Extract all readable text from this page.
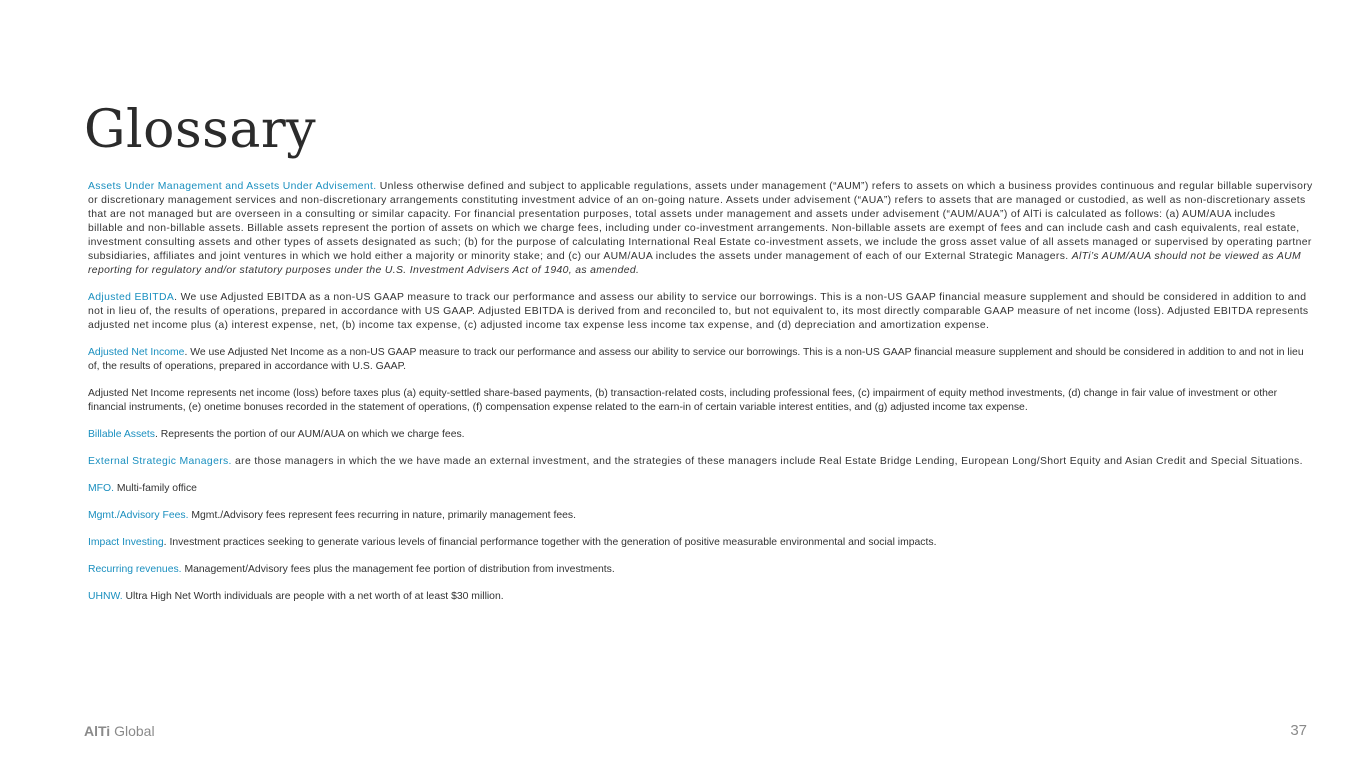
Glossary

Assets Under Management and Assets Under Advisement. Unless otherwise defined and subject to applicable regulations, assets under management (“AUM”) refers to assets on which a business provides continuous and regular billable supervisory or discretionary management services and non-discretionary arrangements constituting investment advice of an on-going nature. Assets under advisement (“AUA”) refers to assets that are managed or custodied, as well as non-discretionary assets that are not managed but are overseen in a consulting or similar capacity. For financial presentation purposes, total assets under management and assets under advisement (“AUM/AUA”) of AlTi is calculated as follows: (a) AUM/AUA includes billable and non-billable assets. Billable assets represent the portion of assets on which we charge fees, including under co-investment arrangements. Non-billable assets are exempt of fees and can include cash and cash equivalents, real estate, investment consulting assets and other types of assets designated as such; (b) for the purpose of calculating International Real Estate co-investment assets, we include the gross asset value of all assets managed or supervised by operating partner subsidiaries, affiliates and joint ventures in which we hold either a majority or minority stake; and (c) our AUM/AUA includes the assets under management of each of our External Strategic Managers. AlTi’s AUM/AUA should not be viewed as AUM reporting for regulatory and/or statutory purposes under the U.S. Investment Advisers Act of 1940, as amended.

Adjusted EBITDA. We use Adjusted EBITDA as a non-US GAAP measure to track our performance and assess our ability to service our borrowings. This is a non-US GAAP financial measure supplement and should be considered in addition to and not in lieu of, the results of operations, prepared in accordance with US GAAP. Adjusted EBITDA is derived from and reconciled to, but not equivalent to, its most directly comparable GAAP measure of net income (loss). Adjusted EBITDA represents adjusted net income plus (a) interest expense, net, (b) income tax expense, (c) adjusted income tax expense less income tax expense, and (d) depreciation and amortization expense.

Adjusted Net Income. We use Adjusted Net Income as a non-US GAAP measure to track our performance and assess our ability to service our borrowings. This is a non-US GAAP financial measure supplement and should be considered in addition to and not in lieu of, the results of operations, prepared in accordance with U.S. GAAP.

Adjusted Net Income represents net income (loss) before taxes plus (a) equity-settled share-based payments, (b) transaction-related costs, including professional fees, (c) impairment of equity method investments, (d) change in fair value of investment or other financial instruments, (e) onetime bonuses recorded in the statement of operations, (f) compensation expense related to the earn-in of certain variable interest entities, and (g) adjusted income tax expense.

Billable Assets. Represents the portion of our AUM/AUA on which we charge fees.

External Strategic Managers. are those managers in which the we have made an external investment, and the strategies of these managers include Real Estate Bridge Lending, European Long/Short Equity and Asian Credit and Special Situations.

MFO. Multi-family office

Mgmt./Advisory Fees. Mgmt./Advisory fees represent fees recurring in nature, primarily management fees.

Impact Investing. Investment practices seeking to generate various levels of financial performance together with the generation of positive measurable environmental and social impacts.

Recurring revenues. Management/Advisory fees plus the management fee portion of distribution from investments.

UHNW. Ultra High Net Worth individuals are people with a net worth of at least $30 million.

AlTi Global	37
